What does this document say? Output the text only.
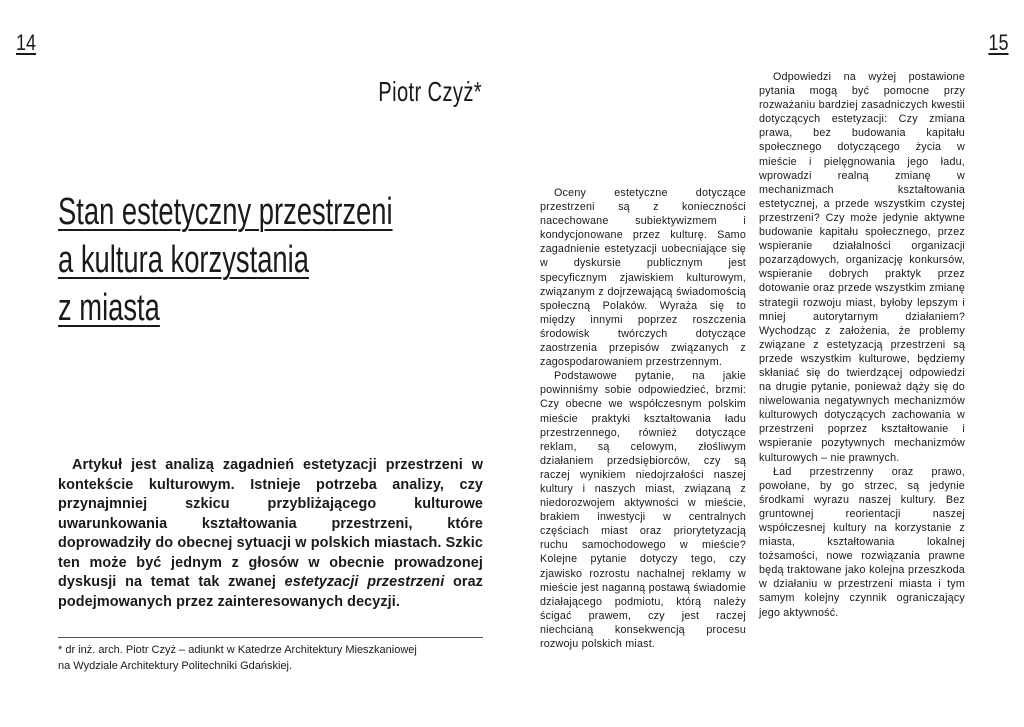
14	15
Piotr Czyż*
Stan estetyczny przestrzeni
a kultura korzystania
z miasta
Artykuł jest analizą zagadnień estetyzacji przestrzeni w kontekście kulturowym. Istnieje potrzeba analizy, czy przynajmniej szkicu przybliżającego kulturowe uwarunkowania kształtowania przestrzeni, które doprowadziły do obecnej sytuacji w polskich miastach. Szkic ten może być jednym z głosów w obecnie prowadzonej dyskusji na temat tak zwanej estetyzacji przestrzeni oraz podejmowanych przez zainteresowanych decyzji.
* dr inż. arch. Piotr Czyż – adiunkt w Katedrze Architektury Mieszkaniowej
na Wydziale Architektury Politechniki Gdańskiej.

Oceny estetyczne dotyczące przestrzeni są z konieczności nacechowane subiektywizmem i kondycjonowane przez kulturę. Samo zagadnienie estetyzacji uobecniające się w dyskursie publicznym jest specyficznym zjawiskiem kulturowym, związanym z dojrzewającą świadomością społeczną Polaków. Wyraża się to między innymi poprzez roszczenia środowisk twórczych dotyczące zaostrzenia przepisów związanych z zagospodarowaniem przestrzennym.

Podstawowe pytanie, na jakie powinniśmy sobie odpowiedzieć, brzmi: Czy obecne we współczesnym polskim mieście praktyki kształtowania ładu przestrzennego, również dotyczące reklam, są celowym, złośliwym działaniem przedsiębiorców, czy są raczej wynikiem niedojrzałości naszej kultury i naszych miast, związaną z niedorozwojem aktywności w mieście, brakiem inwestycji w centralnych częściach miast oraz priorytetyzacją ruchu samochodowego w mieście? Kolejne pytanie dotyczy tego, czy zjawisko rozrostu nachalnej reklamy w mieście jest naganną postawą świadomie działającego podmiotu, którą należy ścigać prawem, czy jest raczej niechcianą konsekwencją procesu rozwoju polskich miast.

Odpowiedzi na wyżej postawione pytania mogą być pomocne przy rozważaniu bardziej zasadniczych kwestii dotyczących estetyzacji: Czy zmiana prawa, bez budowania kapitału społecznego dotyczącego życia w mieście i pielęgnowania jego ładu, wprowadzi realną zmianę w mechanizmach kształtowania estetycznej, a przede wszystkim czystej przestrzeni? Czy może jedynie aktywne budowanie kapitału społecznego, przez wspieranie działalności organizacji pozarządowych, organizację konkursów, wspieranie dobrych praktyk przez dotowanie oraz przede wszystkim zmianę strategii rozwoju miast, byłoby lepszym i mniej autorytarnym działaniem? Wychodząc z założenia, że problemy związane z estetyzacją przestrzeni są przede wszystkim kulturowe, będziemy skłaniać się do twierdzącej odpowiedzi na drugie pytanie, ponieważ dąży się do niwelowania negatywnych mechanizmów kulturowych dotyczących zachowania w przestrzeni poprzez kształtowanie i wspieranie pozytywnych mechanizmów kulturowych – nie prawnych.

Ład przestrzenny oraz prawo, powołane, by go strzec, są jedynie środkami wyrazu naszej kultury. Bez gruntownej reorientacji naszej współczesnej kultury na korzystanie z miasta, kształtowania lokalnej tożsamości, nowe rozwiązania prawne będą traktowane jako kolejna przeszkoda w działaniu w przestrzeni miasta i tym samym kolejny czynnik ograniczający jego aktywność.
